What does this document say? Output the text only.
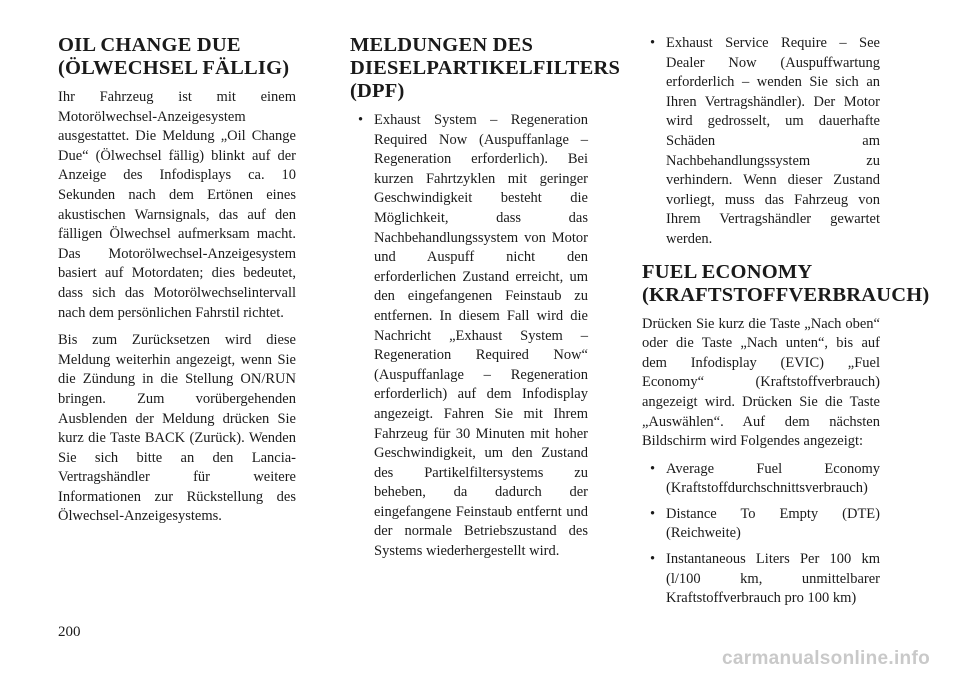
OIL CHANGE DUE (ÖLWECHSEL FÄLLIG)

Ihr Fahrzeug ist mit einem Motorölwechsel-Anzeigesystem ausgestattet. Die Meldung „Oil Change Due“ (Ölwechsel fällig) blinkt auf der Anzeige des Infodisplays ca. 10 Sekunden nach dem Ertönen eines akustischen Warnsignals, das auf den fälligen Ölwechsel aufmerksam macht. Das Motorölwechsel-Anzeigesystem basiert auf Motordaten; dies bedeutet, dass sich das Motorölwechselintervall nach dem persönlichen Fahrstil richtet.

Bis zum Zurücksetzen wird diese Meldung weiterhin angezeigt, wenn Sie die Zündung in die Stellung ON/RUN bringen. Zum vorübergehenden Ausblenden der Meldung drücken Sie kurz die Taste BACK (Zurück). Wenden Sie sich bitte an den Lancia-Vertragshändler für weitere Informationen zur Rückstellung des Ölwechsel-Anzeigesystems.

MELDUNGEN DES DIESELPARTIKELFILTERS (DPF)
• Exhaust System – Regeneration Required Now (Auspuffanlage – Regeneration erforderlich). Bei kurzen Fahrtzyklen mit geringer Geschwindigkeit besteht die Möglichkeit, dass das Nachbehandlungssystem von Motor und Auspuff nicht den erforderlichen Zustand erreicht, um den eingefangenen Feinstaub zu entfernen. In diesem Fall wird die Nachricht „Exhaust System – Regeneration Required Now“ (Auspuffanlage – Regeneration erforderlich) auf dem Infodisplay angezeigt. Fahren Sie mit Ihrem Fahrzeug für 30 Minuten mit hoher Geschwindigkeit, um den Zustand des Partikelfiltersystems zu beheben, da dadurch der eingefangene Feinstaub entfernt und der normale Betriebszustand des Systems wiederhergestellt wird.
• Exhaust Service Require – See Dealer Now (Auspuffwartung erforderlich – wenden Sie sich an Ihren Vertragshändler). Der Motor wird gedrosselt, um dauerhafte Schäden am Nachbehandlungssystem zu verhindern. Wenn dieser Zustand vorliegt, muss das Fahrzeug von Ihrem Vertragshändler gewartet werden.
FUEL ECONOMY (KRAFTSTOFFVERBRAUCH)

Drücken Sie kurz die Taste „Nach oben“ oder die Taste „Nach unten“, bis auf dem Infodisplay (EVIC) „Fuel Economy“ (Kraftstoffverbrauch) angezeigt wird. Drücken Sie die Taste „Auswählen“. Auf dem nächsten Bildschirm wird Folgendes angezeigt:

• Average Fuel Economy (Kraftstoffdurchschnittsverbrauch)
• Distance To Empty (DTE) (Reichweite)
• Instantaneous Liters Per 100 km (l/100 km, unmittelbarer Kraftstoffverbrauch pro 100 km)
200
carmanualsonline.info
